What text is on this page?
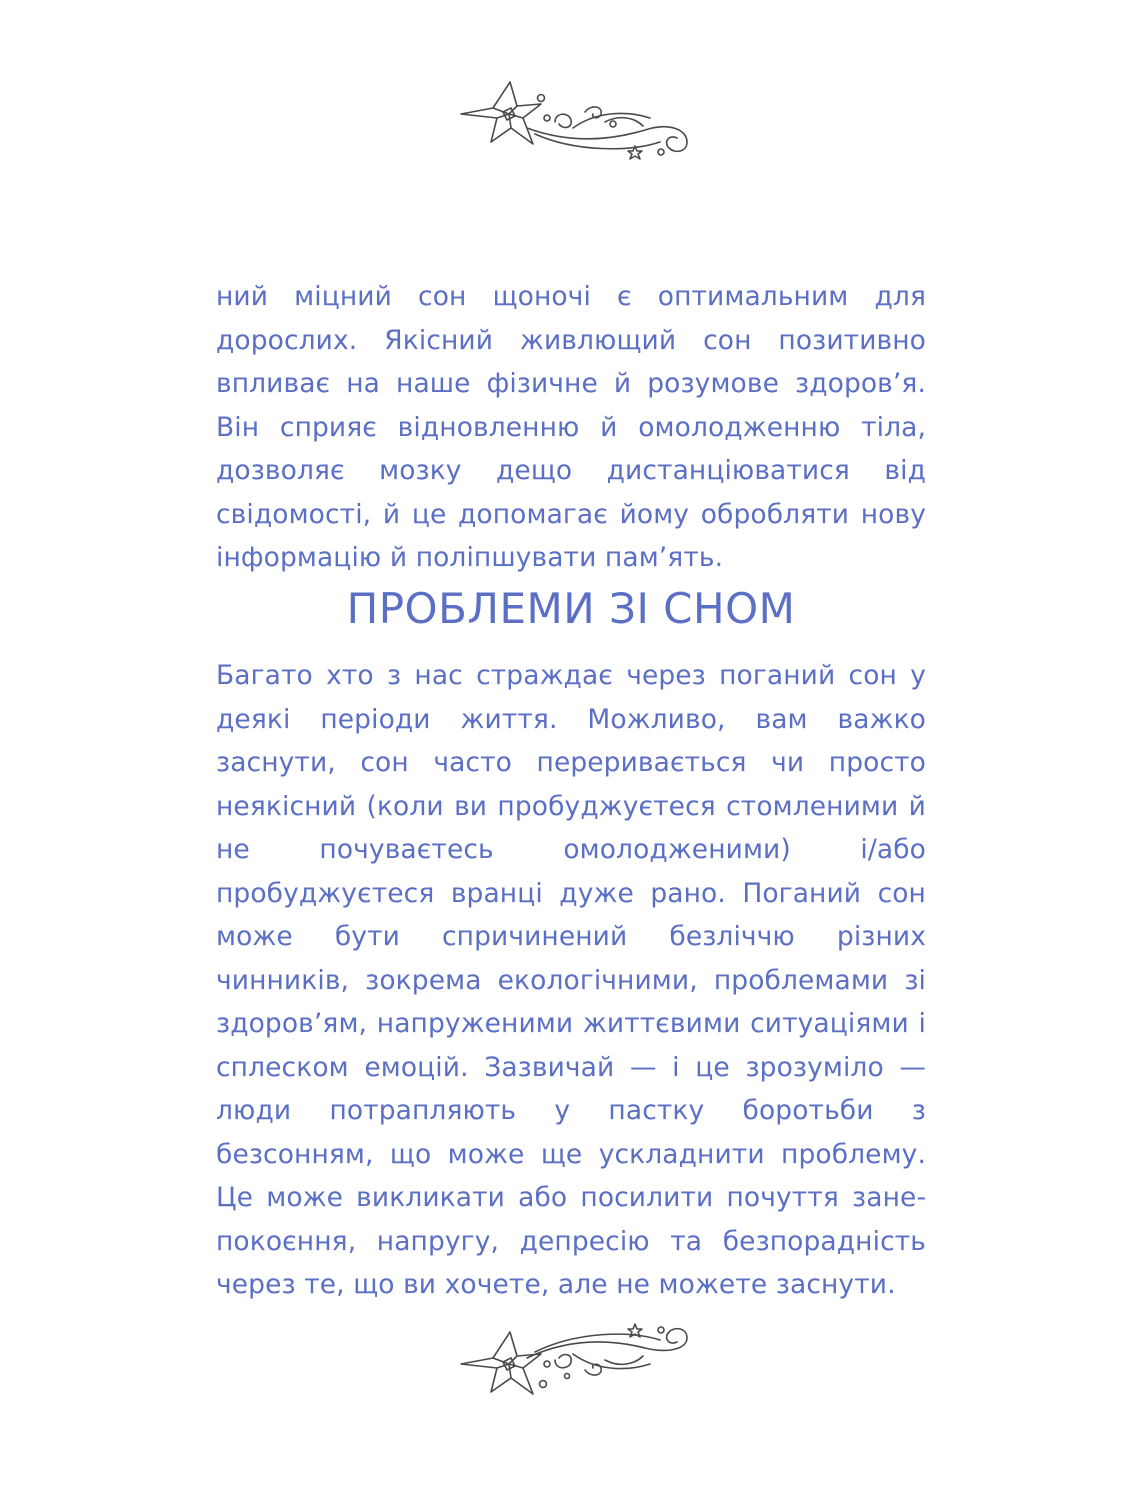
ний міцний сон щоночі є оптимальним для дорослих. Якісний живлющий сон позитивно впливає на наше фізичне й розумове здоров’я. Він сприяє відновленню й омолодженню тіла, дозволяє мозку дещо дистанціюватися від свідомості, й це допомагає йому обробляти нову інформацію й поліпшувати пам’ять.

ПРОБЛЕМИ ЗІ СНОМ

Багато хто з нас страждає через поганий сон у деякі періоди життя. Можливо, вам важко заснути, сон часто переривається чи просто неякісний (коли ви пробуджуєтеся стомленими й не почуваєтесь омолодженими) і/або пробуджуєтеся вранці дуже рано. Поганий сон може бути спричинений безліччю різних чинників, зокрема екологічними, проблемами зі здоров’ям, напруженими життєвими ситуаціями і сплеском емоцій. Зазвичай — і це зрозуміло — люди потрапляють у пастку боротьби з безсонням, що може ще ускладнити проблему. Це може викликати або посилити почуття занепокоєння, напругу, депресію та безпорадність через те, що ви хочете, але не можете заснути.
